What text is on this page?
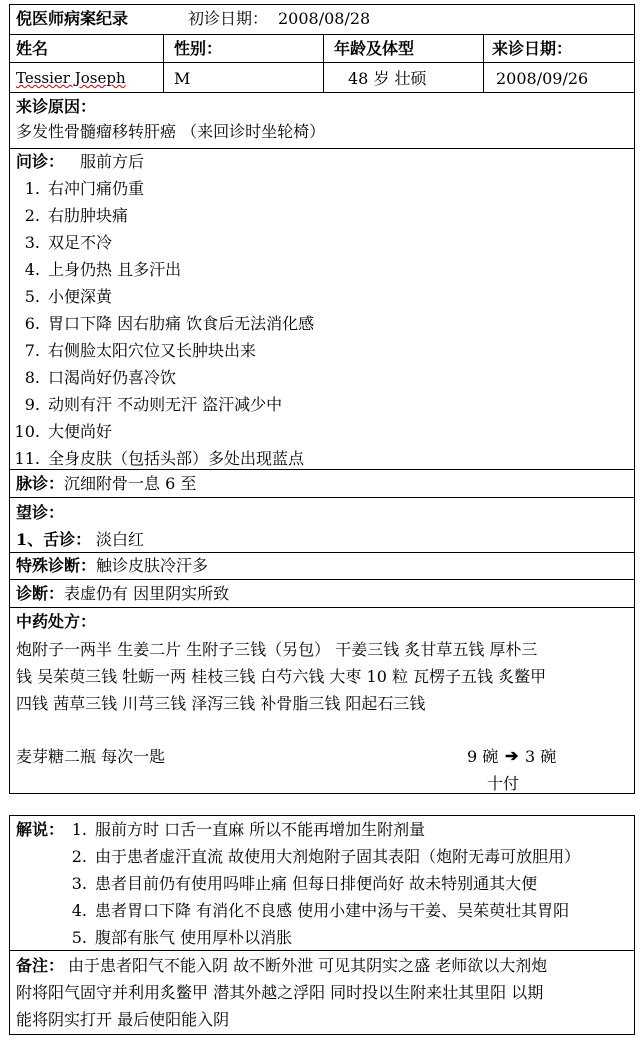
倪医师病案纪录	初诊日期： 2008/08/28
姓名	性别：	年龄及体型	来诊日期：
Tessier Joseph	M	48 岁 壮硕	2008/09/26
来诊原因：
多发性骨髓瘤移转肝癌 （来回诊时坐轮椅）
问诊： 服前方后
1. 右冲门痛仍重
2. 右肋肿块痛
3. 双足不冷
4. 上身仍热 且多汗出
5. 小便深黄
6. 胃口下降 因右肋痛 饮食后无法消化感
7. 右侧脸太阳穴位又长肿块出来
8. 口渴尚好仍喜冷饮
9. 动则有汗 不动则无汗 盗汗减少中
10. 大便尚好
11. 全身皮肤（包括头部）多处出现蓝点
脉诊： 沉细附骨一息 6 至
望诊：
1、舌诊： 淡白红
特殊诊断： 触诊皮肤冷汗多
诊断： 表虚仍有 因里阴实所致
中药处方：
炮附子一两半 生姜二片 生附子三钱（另包） 干姜三钱 炙甘草五钱 厚朴三
钱 吴茱萸三钱 牡蛎一两 桂枝三钱 白芍六钱 大枣 10 粒 瓦楞子五钱 炙鳖甲
四钱 茜草三钱 川芎三钱 泽泻三钱 补骨脂三钱 阳起石三钱
麦芽糖二瓶 每次一匙	9 碗 ➔ 3 碗
十付
解说： 1. 服前方时 口舌一直麻 所以不能再增加生附剂量
2. 由于患者虚汗直流 故使用大剂炮附子固其表阳（炮附无毒可放胆用）
3. 患者目前仍有使用吗啡止痛 但每日排便尚好 故未特别通其大便
4. 患者胃口下降 有消化不良感 使用小建中汤与干姜、吴茱萸壮其胃阳
5. 腹部有胀气 使用厚朴以消胀
备注： 由于患者阳气不能入阴 故不断外泄 可见其阴实之盛 老师欲以大剂炮
附将阳气固守并利用炙鳖甲 潜其外越之浮阳 同时投以生附来壮其里阳 以期
能将阴实打开 最后使阳能入阴
